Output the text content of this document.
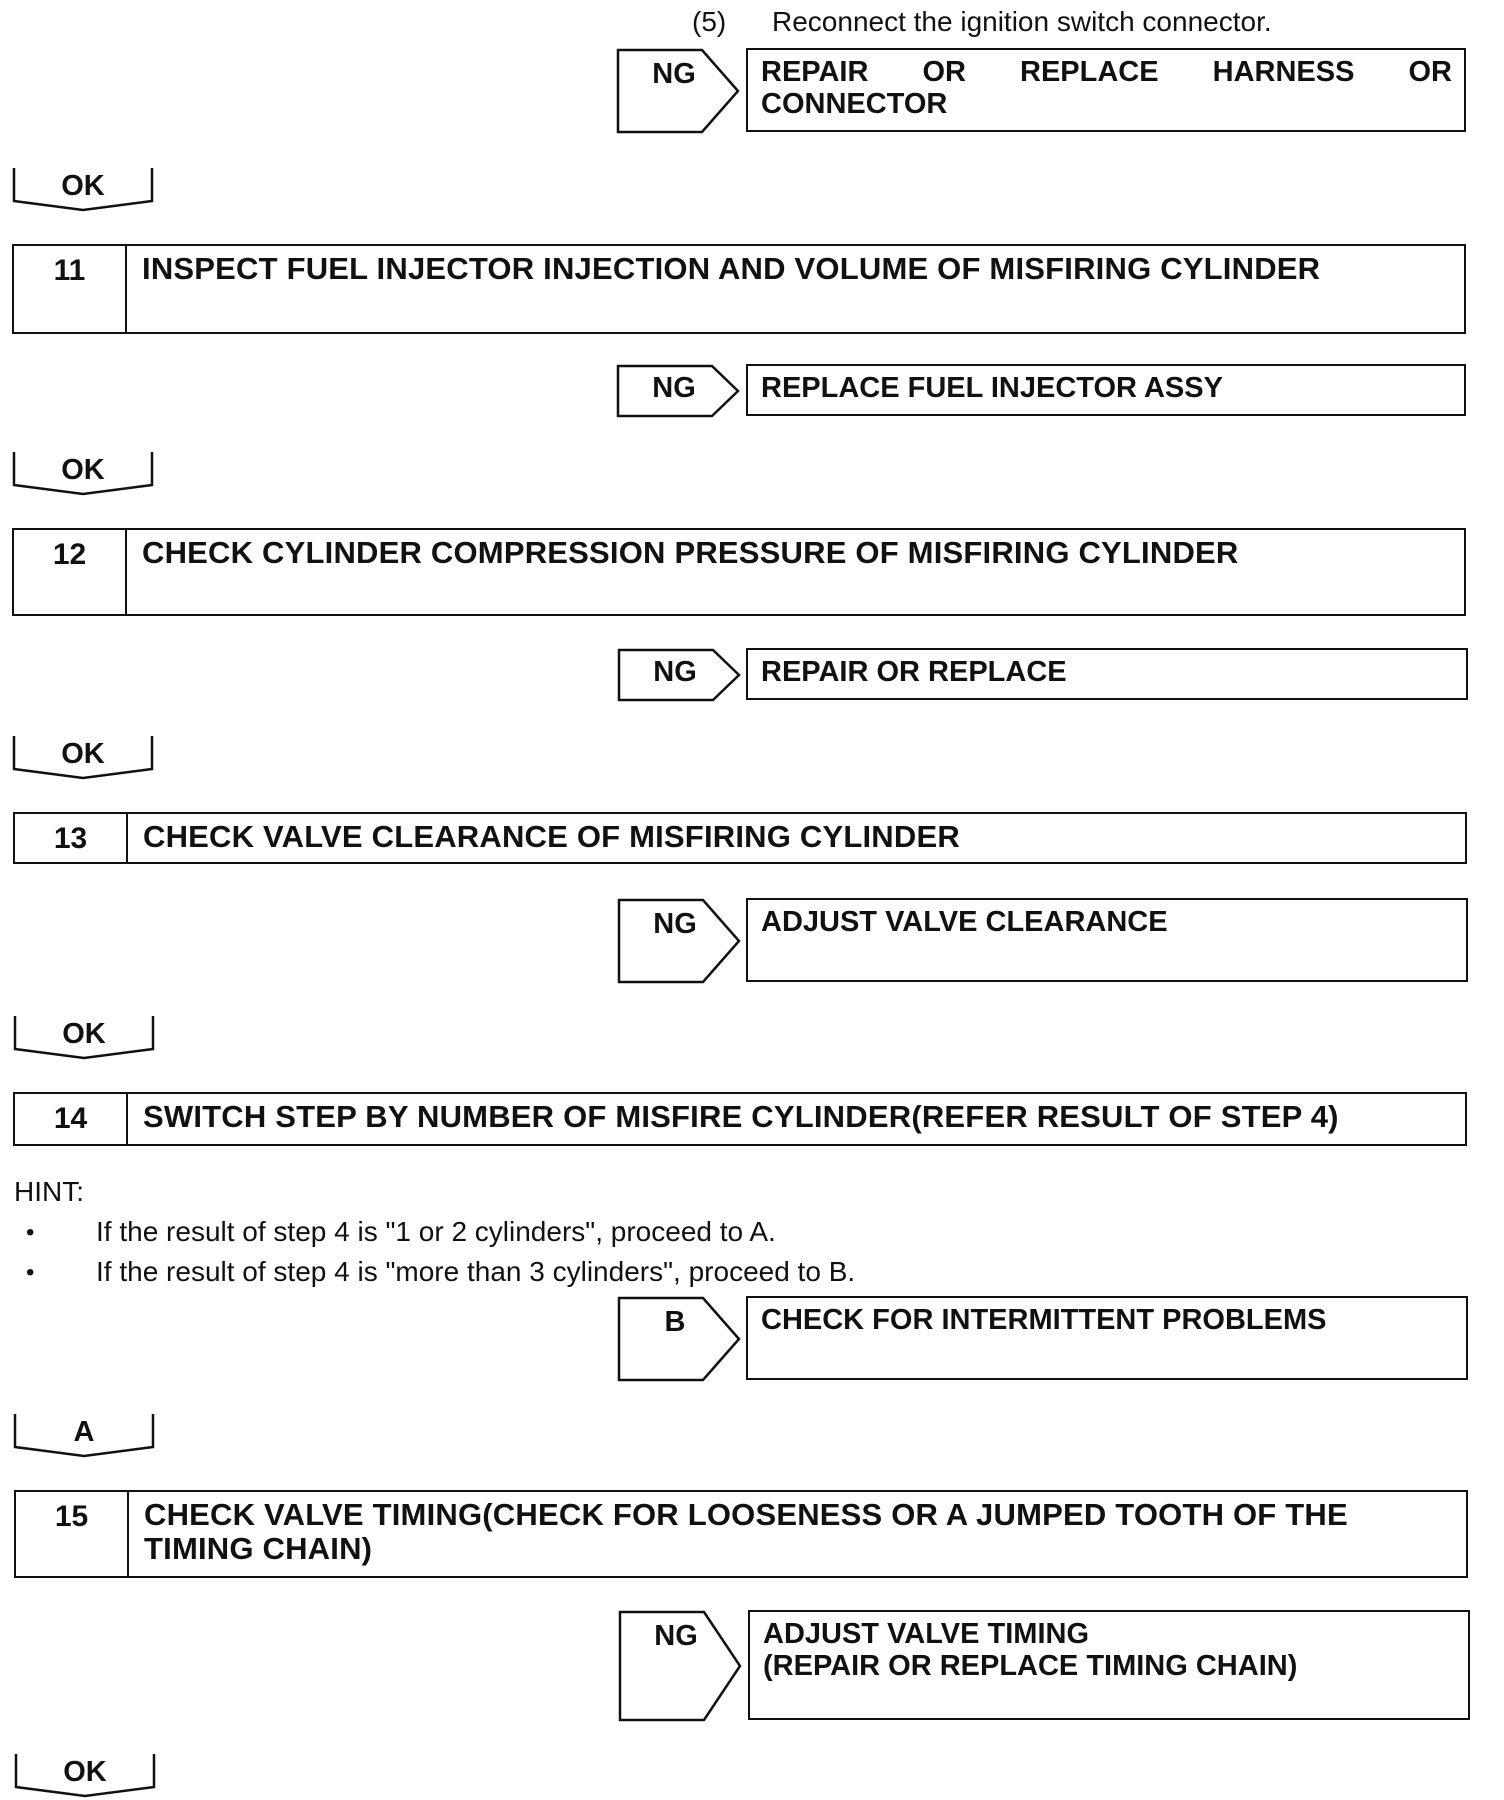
(5) Reconnect the ignition switch connector.
NG	REPAIR OR REPLACE HARNESS OR CONNECTOR
OK
11	INSPECT FUEL INJECTOR INJECTION AND VOLUME OF MISFIRING CYLINDER
NG	REPLACE FUEL INJECTOR ASSY
OK
12	CHECK CYLINDER COMPRESSION PRESSURE OF MISFIRING CYLINDER
NG	REPAIR OR REPLACE
OK
13	CHECK VALVE CLEARANCE OF MISFIRING CYLINDER
NG	ADJUST VALVE CLEARANCE
OK
14	SWITCH STEP BY NUMBER OF MISFIRE CYLINDER(REFER RESULT OF STEP 4)
HINT:
• If the result of step 4 is "1 or 2 cylinders", proceed to A.
• If the result of step 4 is "more than 3 cylinders", proceed to B.
B	CHECK FOR INTERMITTENT PROBLEMS
A
15	CHECK VALVE TIMING(CHECK FOR LOOSENESS OR A JUMPED TOOTH OF THE TIMING CHAIN)
NG	ADJUST VALVE TIMING
(REPAIR OR REPLACE TIMING CHAIN)
OK
